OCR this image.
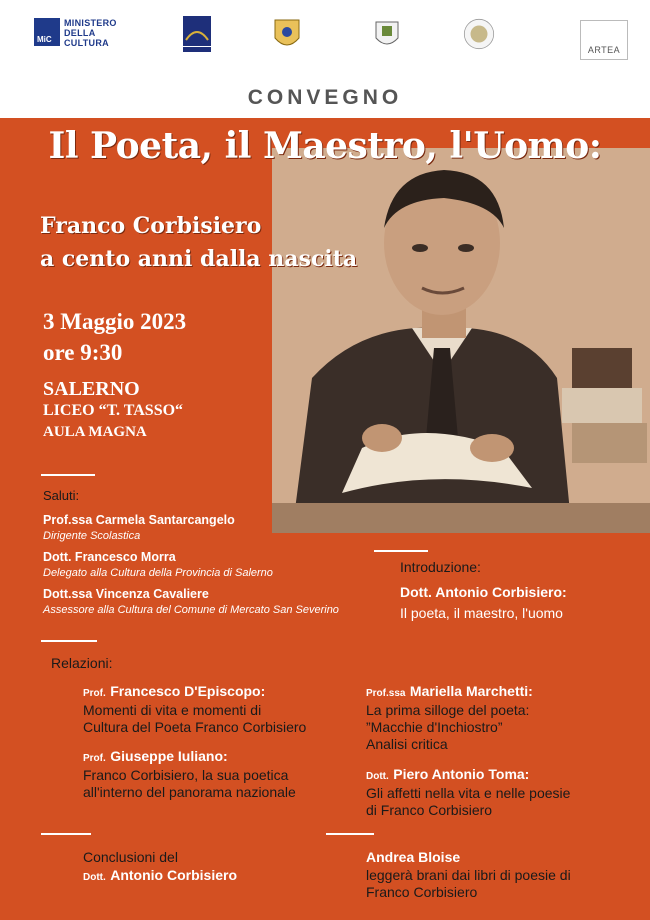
MiC
MINISTERO
DELLA
CULTURA
ARTEA
CONVEGNO
Il Poeta, il Maestro, l'Uomo:
Franco Corbisiero
a cento anni dalla nascita
3 Maggio 2023
ore 9:30
SALERNO
LICEO “T. TASSO“
AULA MAGNA
Saluti:
Prof.ssa Carmela Santarcangelo
Dirigente Scolastica
Dott. Francesco Morra
Delegato alla Cultura della Provincia di Salerno
Dott.ssa Vincenza Cavaliere
Assessore alla Cultura del Comune di Mercato San Severino
Introduzione:
Dott. Antonio Corbisiero:
Il poeta, il maestro, l'uomo
Relazioni:
Prof. Francesco D'Episcopo:
Momenti di vita e momenti di
Cultura del Poeta Franco Corbisiero
Prof. Giuseppe Iuliano:
Franco Corbisiero, la sua poetica
all'interno del panorama nazionale
Prof.ssa Mariella Marchetti:
La prima silloge del poeta:
”Macchie d'Inchiostro”
Analisi critica
Dott. Piero Antonio Toma:
Gli affetti nella vita e nelle poesie
di Franco Corbisiero
Conclusioni del
Dott. Antonio Corbisiero
Andrea Bloise
leggerà brani dai libri di poesie di
Franco Corbisiero
